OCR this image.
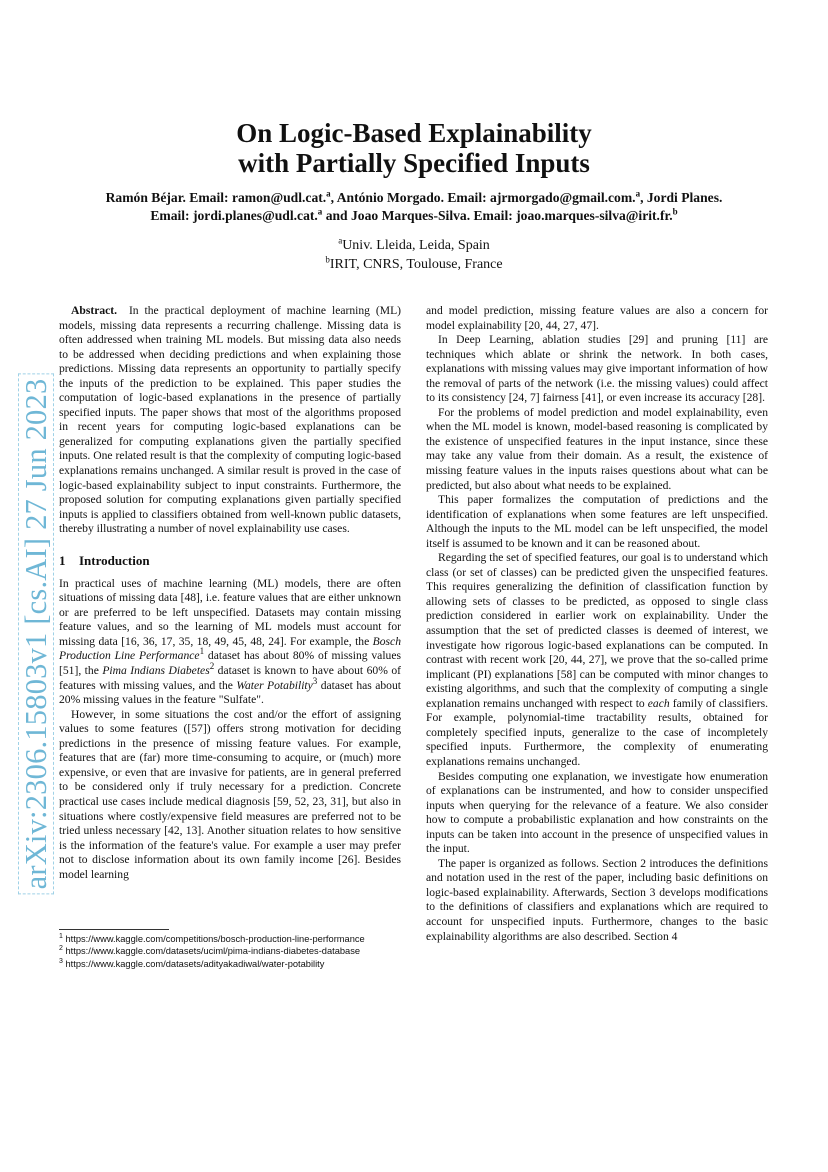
arXiv:2306.15803v1 [cs.AI] 27 Jun 2023
On Logic-Based Explainability
with Partially Specified Inputs
Ramón Béjar. Email: ramon@udl.cat.$^a$, António Morgado. Email: ajrmorgado@gmail.com.$^a$, Jordi Planes.
Email: jordi.planes@udl.cat.$^a$ and Joao Marques-Silva. Email: joao.marques-silva@irit.fr.$^b$
$^a$Univ. Lleida, Leida, Spain
$^b$IRIT, CNRS, Toulouse, France

Abstract. In the practical deployment of machine learning (ML) models, missing data represents a recurring challenge. Missing data is often addressed when training ML models. But missing data also needs to be addressed when deciding predictions and when explaining those predictions. Missing data represents an opportunity to partially specify the inputs of the prediction to be explained. This paper studies the computation of logic-based explanations in the presence of partially specified inputs. The paper shows that most of the algorithms proposed in recent years for computing logic-based explanations can be generalized for computing explanations given the partially specified inputs. One related result is that the complexity of computing logic-based explanations remains unchanged. A similar result is proved in the case of logic-based explainability subject to input constraints. Furthermore, the proposed solution for computing explanations given partially specified inputs is applied to classifiers obtained from well-known public datasets, thereby illustrating a number of novel explainability use cases.

1 Introduction

In practical uses of machine learning (ML) models, there are often situations of missing data [48], i.e. feature values that are either unknown or are preferred to be left unspecified. Datasets may contain missing feature values, and so the learning of ML models must account for missing data [16, 36, 17, 35, 18, 49, 45, 48, 24]. For example, the Bosch Production Line Performance$^1$ dataset has about 80% of missing values [51], the Pima Indians Diabetes$^2$ dataset is known to have about 60% of features with missing values, and the Water Potability$^3$ dataset has about 20% missing values in the feature "Sulfate".

However, in some situations the cost and/or the effort of assigning values to some features ([57]) offers strong motivation for deciding predictions in the presence of missing feature values. For example, features that are (far) more time-consuming to acquire, or (much) more expensive, or even that are invasive for patients, are in general preferred to be considered only if truly necessary for a prediction. Concrete practical use cases include medical diagnosis [59, 52, 23, 31], but also in situations where costly/expensive field measures are preferred not to be tried unless necessary [42, 13]. Another situation relates to how sensitive is the information of the feature's value. For example a user may prefer not to disclose information about its own family income [26]. Besides model learning

$^1$ https://www.kaggle.com/competitions/bosch-production-line-performance
$^2$ https://www.kaggle.com/datasets/uciml/pima-indians-diabetes-database
$^3$ https://www.kaggle.com/datasets/adityakadiwal/water-potability

and model prediction, missing feature values are also a concern for model explainability [20, 44, 27, 47].

In Deep Learning, ablation studies [29] and pruning [11] are techniques which ablate or shrink the network. In both cases, explanations with missing values may give important information of how the removal of parts of the network (i.e. the missing values) could affect to its consistency [24, 7] fairness [41], or even increase its accuracy [28].

For the problems of model prediction and model explainability, even when the ML model is known, model-based reasoning is complicated by the existence of unspecified features in the input instance, since these may take any value from their domain. As a result, the existence of missing feature values in the inputs raises questions about what can be predicted, but also about what needs to be explained.

This paper formalizes the computation of predictions and the identification of explanations when some features are left unspecified. Although the inputs to the ML model can be left unspecified, the model itself is assumed to be known and it can be reasoned about.

Regarding the set of specified features, our goal is to understand which class (or set of classes) can be predicted given the unspecified features. This requires generalizing the definition of classification function by allowing sets of classes to be predicted, as opposed to single class prediction considered in earlier work on explainability. Under the assumption that the set of predicted classes is deemed of interest, we investigate how rigorous logic-based explanations can be computed. In contrast with recent work [20, 44, 27], we prove that the so-called prime implicant (PI) explanations [58] can be computed with minor changes to existing algorithms, and such that the complexity of computing a single explanation remains unchanged with respect to each family of classifiers. For example, polynomial-time tractability results, obtained for completely specified inputs, generalize to the case of incompletely specified inputs. Furthermore, the complexity of enumerating explanations remains unchanged.

Besides computing one explanation, we investigate how enumeration of explanations can be instrumented, and how to consider unspecified inputs when querying for the relevance of a feature. We also consider how to compute a probabilistic explanation and how constraints on the inputs can be taken into account in the presence of unspecified values in the input.

The paper is organized as follows. Section 2 introduces the definitions and notation used in the rest of the paper, including basic definitions on logic-based explainability. Afterwards, Section 3 develops modifications to the definitions of classifiers and explanations which are required to account for unspecified inputs. Furthermore, changes to the basic explainability algorithms are also described. Section 4
